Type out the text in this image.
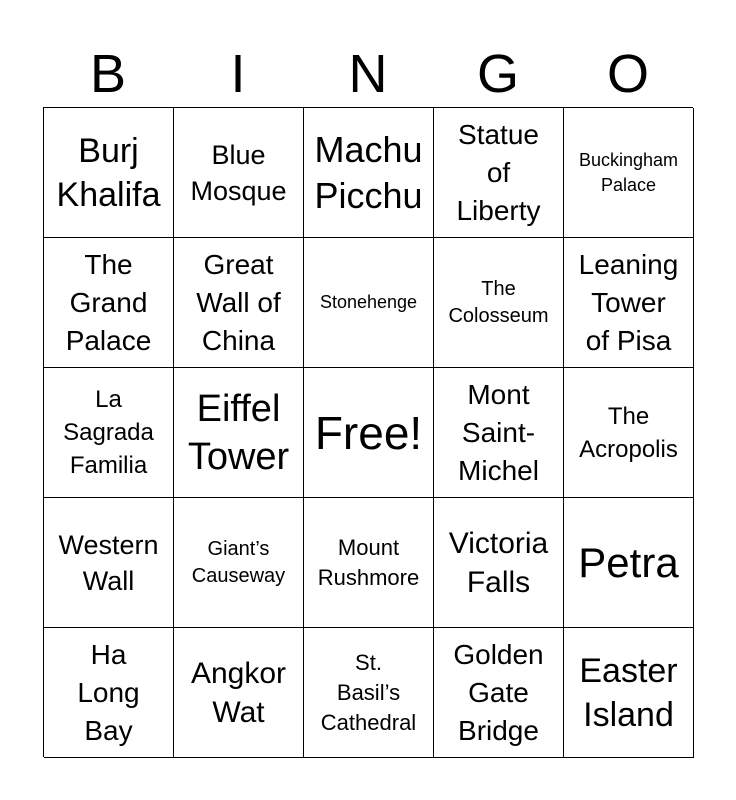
B	I	N	G	O
Burj
Khalifa
Blue
Mosque
Machu
Picchu
Statue
of
Liberty
Buckingham
Palace
The
Grand
Palace
Great
Wall of
China
Stonehenge
The
Colosseum
Leaning
Tower
of Pisa
La
Sagrada
Familia
Eiffel
Tower Free!
Mont
Saint-
Michel
The
Acropolis
Western
Wall
Giant’s
Causeway
Mount
Rushmore
Victoria
Falls	Petra
Ha
Long
Bay
Angkor
Wat
St.
Basil’s
Cathedral
Golden
Gate
Bridge
Easter
Island
